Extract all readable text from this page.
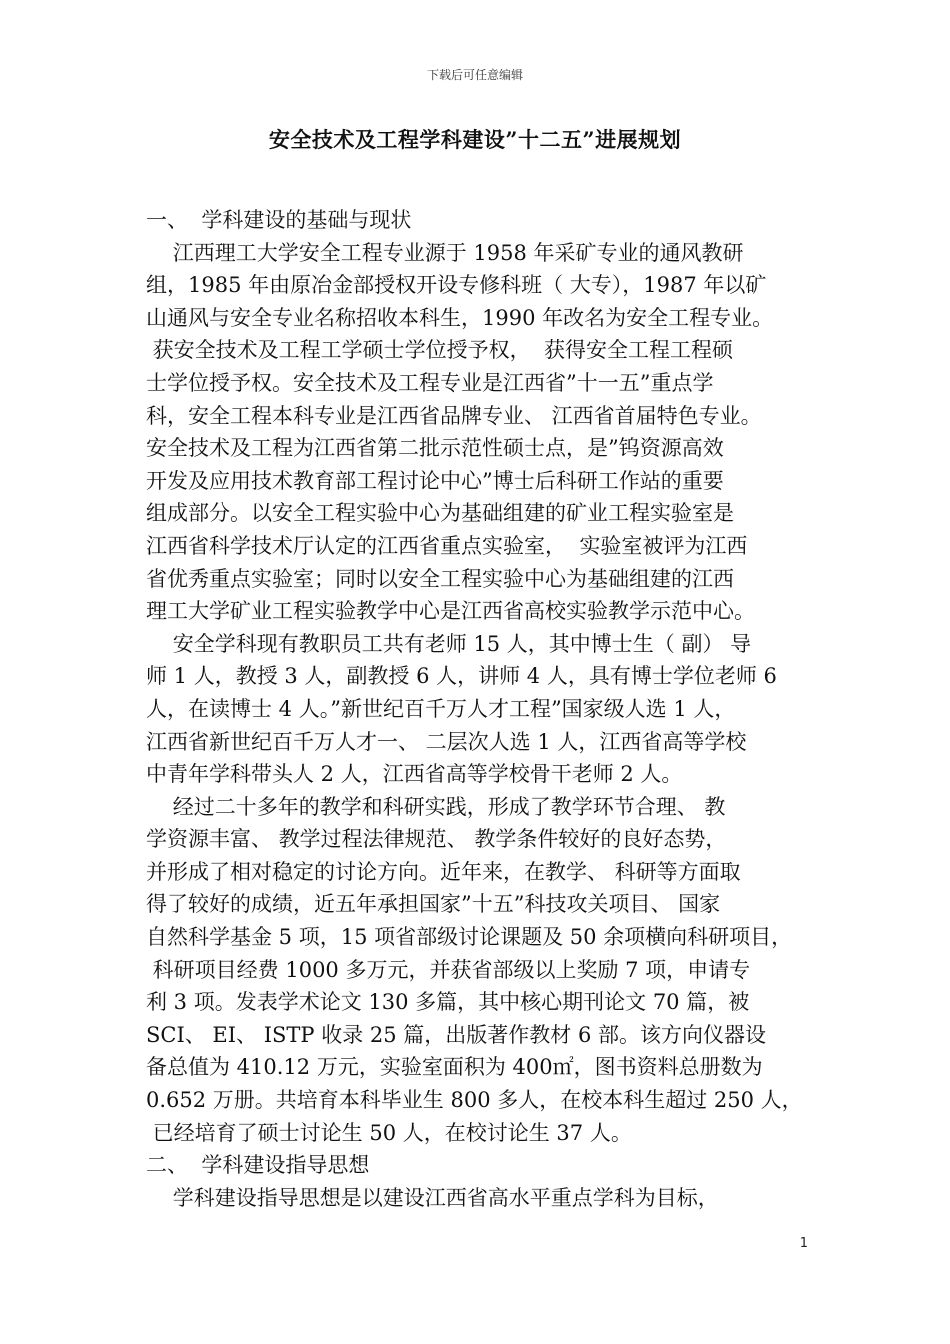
下载后可任意编辑
安全技术及工程学科建设”十二五”进展规划
一、  学科建设的基础与现状
江西理工大学安全工程专业源于 1958 年采矿专业的通风教研
组，1985 年由原冶金部授权开设专修科班（ 大专），1987 年以矿
山通风与安全专业名称招收本科生，1990 年改名为安全工程专业。
获安全技术及工程工学硕士学位授予权，  获得安全工程工程硕
士学位授予权。安全技术及工程专业是江西省”十一五”重点学
科，安全工程本科专业是江西省品牌专业、 江西省首届特色专业。
安全技术及工程为江西省第二批示范性硕士点，是”钨资源高效
开发及应用技术教育部工程讨论中心”博士后科研工作站的重要
组成部分。以安全工程实验中心为基础组建的矿业工程实验室是
江西省科学技术厅认定的江西省重点实验室，  实验室被评为江西
省优秀重点实验室；同时以安全工程实验中心为基础组建的江西
理工大学矿业工程实验教学中心是江西省高校实验教学示范中心。
安全学科现有教职员工共有老师 15 人，其中博士生（ 副） 导
师 1 人，教授 3 人，副教授 6 人，讲师 4 人，具有博士学位老师 6
人，在读博士 4 人。”新世纪百千万人才工程”国家级人选 1 人，
江西省新世纪百千万人才一、 二层次人选 1 人，江西省高等学校
中青年学科带头人 2 人，江西省高等学校骨干老师 2 人。
经过二十多年的教学和科研实践，形成了教学环节合理、 教
学资源丰富、 教学过程法律规范、 教学条件较好的良好态势，
并形成了相对稳定的讨论方向。近年来，在教学、 科研等方面取
得了较好的成绩，近五年承担国家”十五”科技攻关项目、 国家
自然科学基金 5 项，15 项省部级讨论课题及 50 余项横向科研项目，
科研项目经费 1000 多万元，并获省部级以上奖励 7 项，申请专
利 3 项。发表学术论文 130 多篇，其中核心期刊论文 70 篇，被
SCI、 EI、 ISTP 收录 25 篇，出版著作教材 6 部。该方向仪器设
备总值为 410.12 万元，实验室面积为 400㎡，图书资料总册数为
0.652 万册。共培育本科毕业生 800 多人，在校本科生超过 250 人，
已经培育了硕士讨论生 50 人，在校讨论生 37 人。
二、  学科建设指导思想
学科建设指导思想是以建设江西省高水平重点学科为目标，
1
